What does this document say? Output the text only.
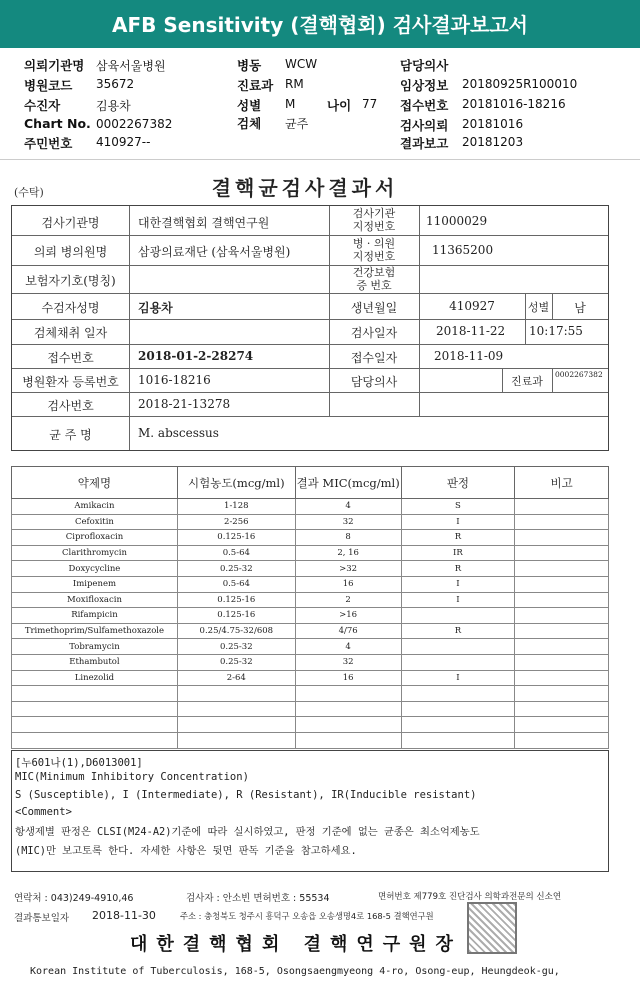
AFB Sensitivity (결핵협회) 검사결과보고서
의뢰기관명 삼육서울병원	병동 WCW	담당의사
병원코드 35672	진료과 RM	임상정보 20180925R100010
수진자	김용차	성별 M	나이 77 접수번호 20181016-18216
Chart No. 0002267382	검체 균주	검사의뢰 20181016
주민번호 410927--	결과보고 20181203
(수탁)	결핵균검사결과서
검사기관명	대한결핵협회 결핵연구원
검사기관
지정번호	11000029
의뢰 병의원명	삼광의료재단 (삼육서울병원)
병 · 의원
지정번호	11365200
보험자기호(명칭)
건강보험
증 번호
수검자성명	김용차	생년월일	410927	성별	남
검체채취 일자	검사일자	2018-11-22 10:17:55
접수번호	2018-01-2-28274	접수일자	2018-11-09
병원환자 등록번호	1016-18216	담당의사	진료과
0002267382
검사번호	2018-21-13278
균 주 명	M. abscessus
약제명	시험농도(mcg/ml)	결과 MIC(mcg/ml)	판정	비고
Amikacin	1-128	4	S	
Cefoxitin	2-256	32	I	
Ciprofloxacin	0.125-16	8	R	
Clarithromycin	0.5-64	2, 16	IR	
Doxycycline	0.25-32	>32	R	
Imipenem	0.5-64	16	I	
Moxifloxacin	0.125-16	2	I	
Rifampicin	0.125-16	>16		
Trimethoprim/Sulfamethoxazole	0.25/4.75-32/608	4/76	R	
Tobramycin	0.25-32	4		
Ethambutol	0.25-32	32		
Linezolid	2-64	16	I	

[누601나(1),D6013001]
MIC(Minimum Inhibitory Concentration)
S (Susceptible), I (Intermediate), R (Resistant), IR(Inducible resistant)
<Comment>
항생제별 판정은 CLSI(M24-A2)기준에 따라 실시하였고, 판정 기준에 없는 균종은 최소억제농도
(MIC)만 보고토록 한다. 자세한 사항은 뒷면 판독 기준을 참고하세요.
연락처 : 043)249-4910,46	검사자 : 안소빈 면허번호 : 55534	면허번호 제779호 진단검사 의학과전문의 신소연
결과통보일자 2018-11-30	주소 : 충청북도 청주시 흥덕구 오송읍 오송생명4로 168-5 결핵연구원
대한결핵협회 결핵연구원장
Korean Institute of Tuberculosis, 168-5, Osongsaengmyeong 4-ro, Osong-eup, Heungdeok-gu,
